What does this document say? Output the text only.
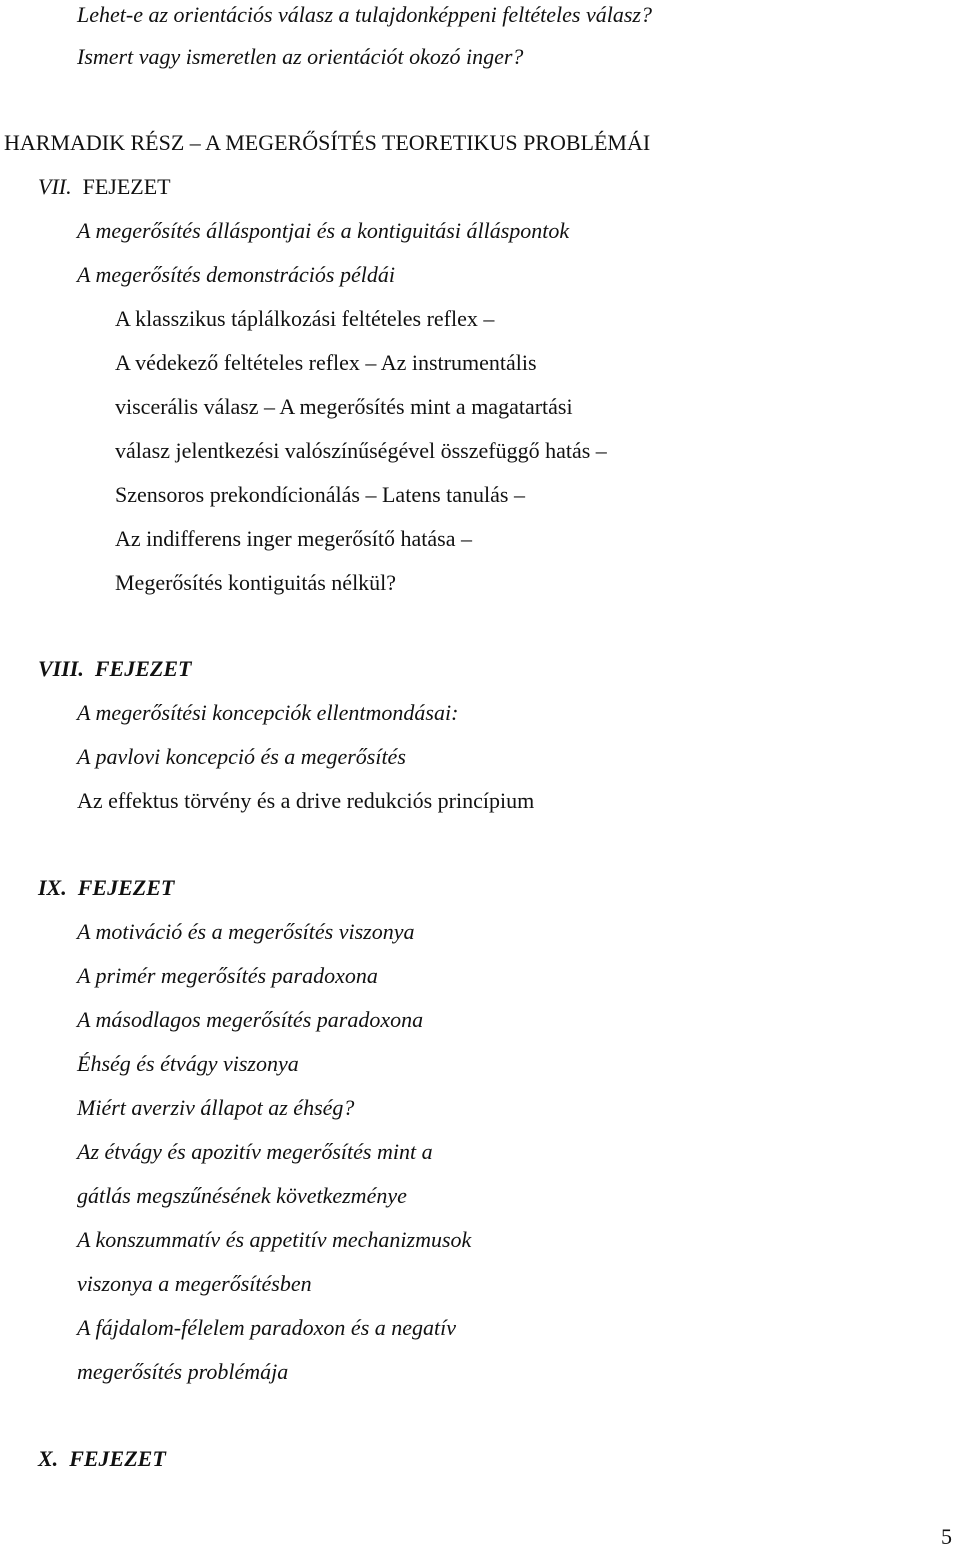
Lehet-e az orientációs válasz a tulajdonképpeni feltételes válasz?
Ismert vagy ismeretlen az orientációt okozó inger?
HARMADIK RÉSZ – A MEGERŐSÍTÉS TEORETIKUS PROBLÉMÁI
VII. FEJEZET
A megerősítés álláspontjai és a kontiguitási álláspontok
A megerősítés demonstrációs példái
A klasszikus táplálkozási feltételes reflex –
A védekező feltételes reflex – Az instrumentális
viscerális válasz – A megerősítés mint a magatartási
válasz jelentkezési valószínűségével összefüggő hatás –
Szensoros prekondícionálás – Latens tanulás –
Az indifferens inger megerősítő hatása –
Megerősítés kontiguitás nélkül?
VIII. FEJEZET
A megerősítési koncepciók ellentmondásai:
A pavlovi koncepció és a megerősítés
Az effektus törvény és a drive redukciós princípium
IX. FEJEZET
A motiváció és a megerősítés viszonya
A primér megerősítés paradoxona
A másodlagos megerősítés paradoxona
Éhség és étvágy viszonya
Miért averziv állapot az éhség?
Az étvágy és apozitív megerősítés mint a
gátlás megszűnésének következménye
A konszummatív és appetitív mechanizmusok
viszonya a megerősítésben
A fájdalom-félelem paradoxon és a negatív
megerősítés problémája
X. FEJEZET
5
